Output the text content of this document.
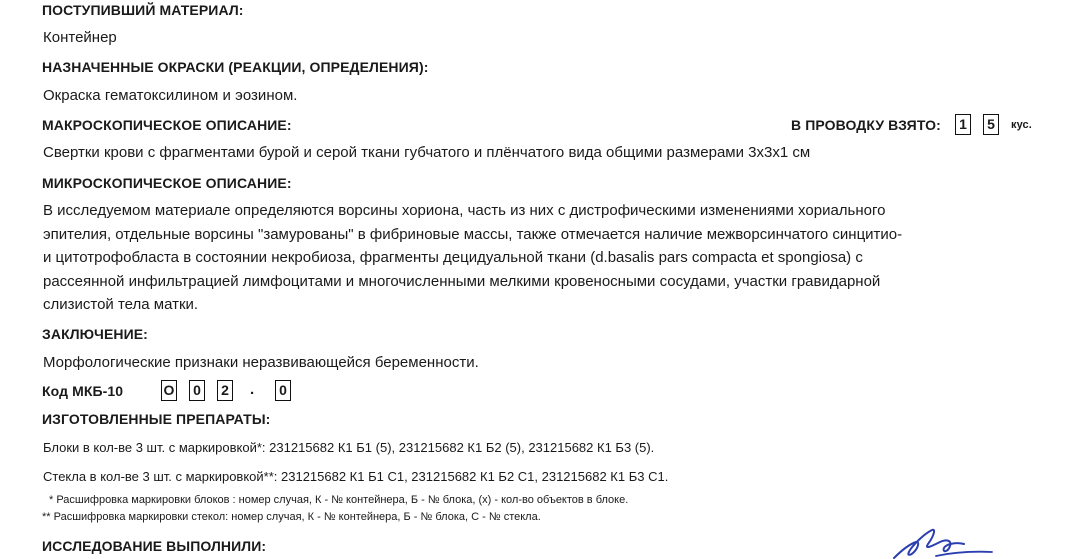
ПОСТУПИВШИЙ МАТЕРИАЛ:
Контейнер
НАЗНАЧЕННЫЕ ОКРАСКИ (РЕАКЦИИ, ОПРЕДЕЛЕНИЯ):
Окраска гематоксилином и эозином.
МАКРОСКОПИЧЕСКОЕ ОПИСАНИЕ:	В ПРОВОДКУ ВЗЯТО: 1 5	кус.
Свертки крови с фрагментами бурой и серой ткани губчатого и плёнчатого вида общими размерами 3х3х1 см
МИКРОСКОПИЧЕСКОЕ ОПИСАНИЕ:
В исследуемом материале определяются ворсины хориона, часть из них с дистрофическими изменениями хориального
эпителия, отдельные ворсины "замурованы" в фибриновые массы, также отмечается наличие межворсинчатого синцитио-
и цитотрофобласта в состоянии некробиоза, фрагменты децидуальной ткани (d.basalis pars compacta et spongiosa) с
рассеянной инфильтрацией лимфоцитами и многочисленными мелкими кровеносными сосудами, участки гравидарной
слизистой тела матки.
ЗАКЛЮЧЕНИЕ:
Морфологические признаки неразвивающейся беременности.
Код МКБ-10	O 0 2 . 0
ИЗГОТОВЛЕННЫЕ ПРЕПАРАТЫ:
Блоки в кол-ве 3 шт. с маркировкой*: 231215682 К1 Б1 (5), 231215682 К1 Б2 (5), 231215682 К1 Б3 (5).
Стекла в кол-ве 3 шт. с маркировкой**: 231215682 К1 Б1 С1, 231215682 К1 Б2 С1, 231215682 К1 Б3 С1.
* Расшифровка маркировки блоков : номер случая, К - № контейнера, Б - № блока, (х) - кол-во объектов в блоке.
** Расшифровка маркировки стекол: номер случая, К - № контейнера, Б - № блока, С - № стекла.
ИССЛЕДОВАНИЕ ВЫПОЛНИЛИ:
